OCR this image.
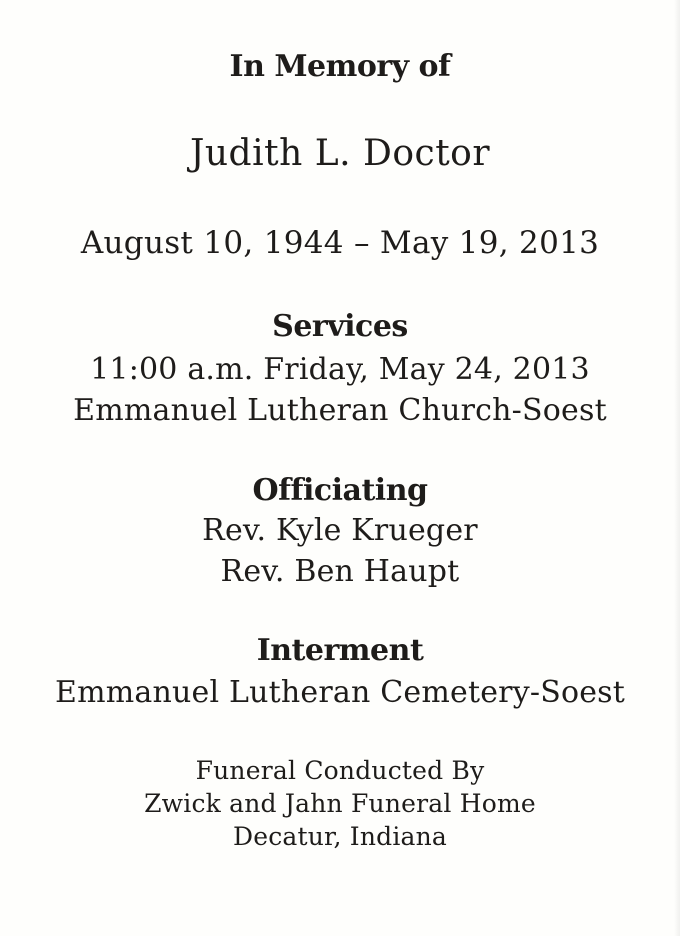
In Memory of
Judith L. Doctor
August 10, 1944 – May 19, 2013
Services
11:00 a.m. Friday, May 24, 2013
Emmanuel Lutheran Church-Soest
Officiating
Rev. Kyle Krueger
Rev. Ben Haupt
Interment
Emmanuel Lutheran Cemetery-Soest
Funeral Conducted By
Zwick and Jahn Funeral Home
Decatur, Indiana
